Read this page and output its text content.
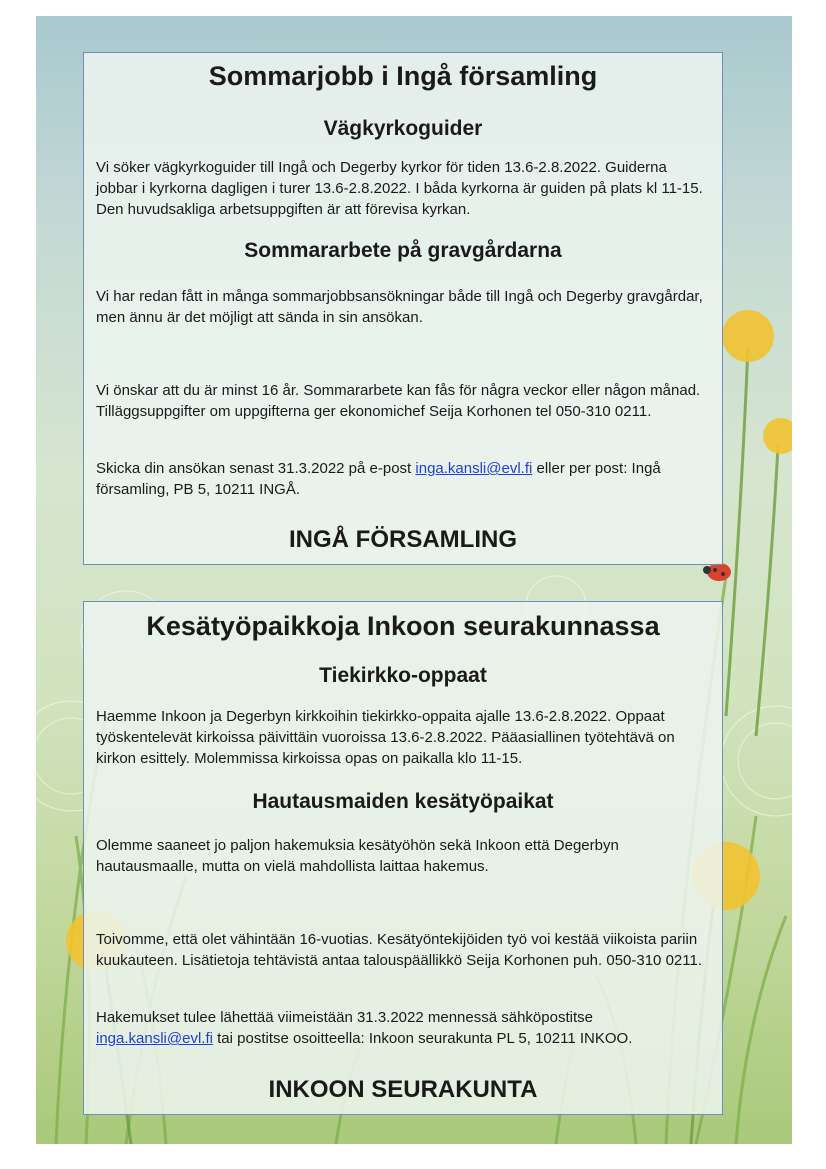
Sommarjobb i Ingå församling
Vägkyrkoguider

Vi söker vägkyrkoguider till Ingå och Degerby kyrkor för tiden 13.6-2.8.2022. Guiderna jobbar i kyrkorna dagligen i turer 13.6-2.8.2022. I båda kyrkorna är guiden på plats kl 11-15. Den huvudsakliga arbetsuppgiften är att förevisa kyrkan.

Sommararbete på gravgårdarna

Vi har redan fått in många sommarjobbsansökningar både till Ingå och Degerby gravgårdar, men ännu är det möjligt att sända in sin ansökan.

Vi önskar att du är minst 16 år. Sommararbete kan fås för några veckor eller någon månad. Tilläggsuppgifter om uppgifterna ger ekonomichef Seija Korhonen tel 050-310 0211.

Skicka din ansökan senast 31.3.2022 på e-post inga.kansli@evl.fi eller per post: Ingå församling, PB 5, 10211 INGÅ.

INGÅ FÖRSAMLING

Kesätyöpaikkoja Inkoon seurakunnassa
Tiekirkko-oppaat

Haemme Inkoon ja Degerbyn kirkkoihin tiekirkko-oppaita ajalle 13.6-2.8.2022. Oppaat työskentelevät kirkoissa päivittäin vuoroissa 13.6-2.8.2022. Pääasiallinen työtehtävä on kirkon esittely. Molemmissa kirkoissa opas on paikalla klo 11-15.

Hautausmaiden kesätyöpaikat

Olemme saaneet jo paljon hakemuksia kesätyöhön sekä Inkoon että Degerbyn hautausmaalle, mutta on vielä mahdollista laittaa hakemus.

Toivomme, että olet vähintään 16-vuotias. Kesätyöntekijöiden työ voi kestää viikoista pariin kuukauteen. Lisätietoja tehtävistä antaa talouspäällikkö Seija Korhonen puh. 050-310 0211.

Hakemukset tulee lähettää viimeistään 31.3.2022 mennessä sähköpostitse inga.kansli@evl.fi tai postitse osoitteella: Inkoon seurakunta PL 5, 10211 INKOO.

INKOON SEURAKUNTA
